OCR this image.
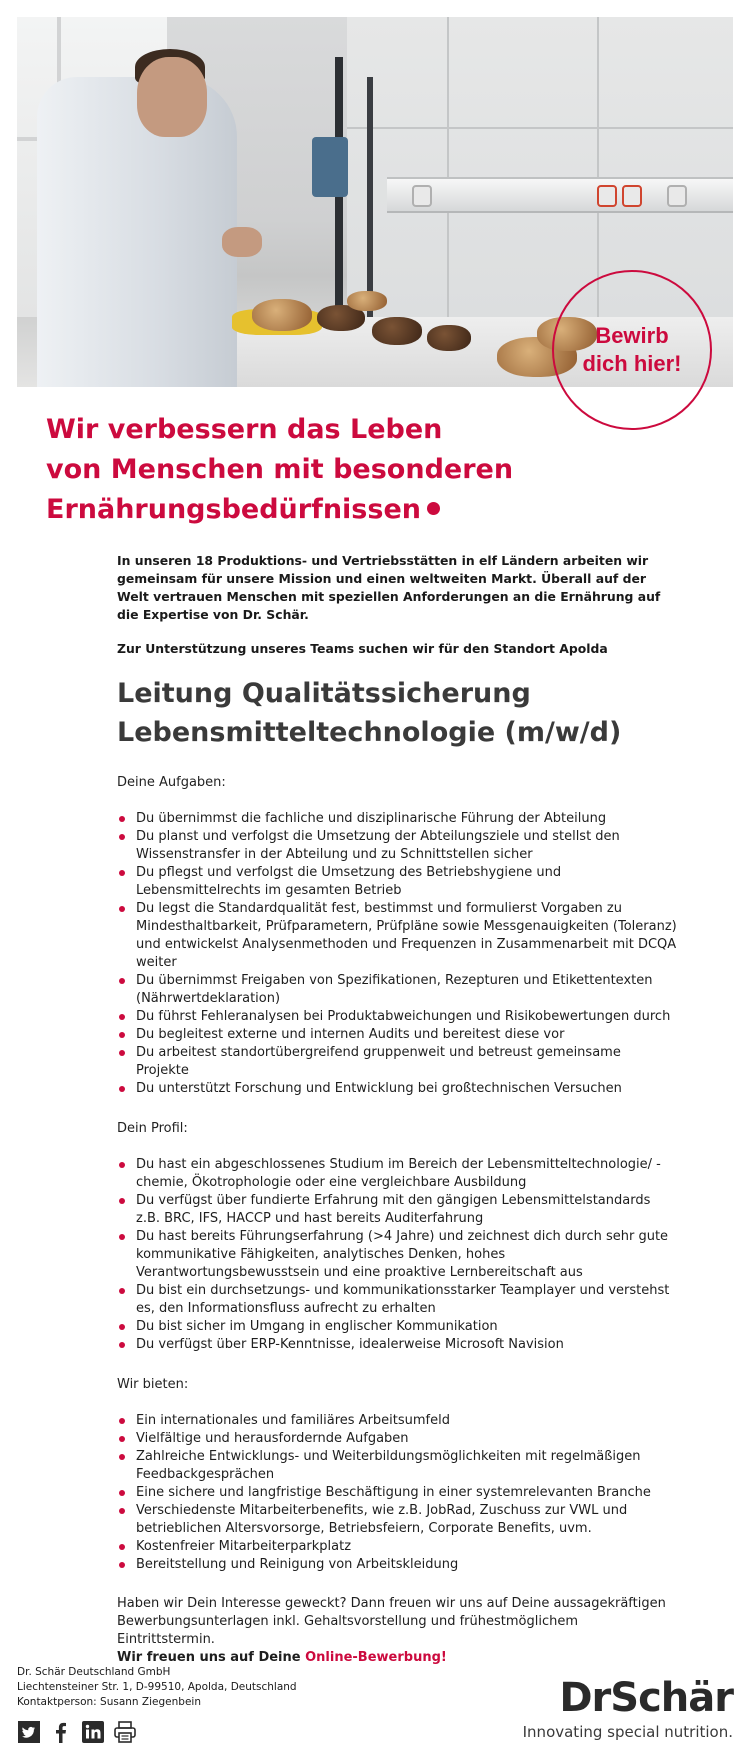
Bewirb dich hier!
Wir verbessern das Leben
von Menschen mit besonderen
Ernährungsbedürfnissen

In unseren 18 Produktions- und Vertriebsstätten in elf Ländern arbeiten wir gemeinsam für unsere Mission und einen weltweiten Markt. Überall auf der Welt vertrauen Menschen mit speziellen Anforderungen an die Ernährung auf die Expertise von Dr. Schär.

Zur Unterstützung unseres Teams suchen wir für den Standort Apolda

Leitung Qualitätssicherung
Lebensmitteltechnologie (m/w/d)

Deine Aufgaben:

Du übernimmst die fachliche und disziplinarische Führung der Abteilung
Du planst und verfolgst die Umsetzung der Abteilungsziele und stellst den Wissenstransfer in der Abteilung und zu Schnittstellen sicher
Du pflegst und verfolgst die Umsetzung des Betriebshygiene und Lebensmittelrechts im gesamten Betrieb
Du legst die Standardqualität fest, bestimmst und formulierst Vorgaben zu Mindesthaltbarkeit, Prüfparametern, Prüfpläne sowie Messgenauigkeiten (Toleranz) und entwickelst Analysenmethoden und Frequenzen in Zusammenarbeit mit DCQA weiter
Du übernimmst Freigaben von Spezifikationen, Rezepturen und Etikettentexten (Nährwertdeklaration)
Du führst Fehleranalysen bei Produktabweichungen und Risikobewertungen durch
Du begleitest externe und internen Audits und bereitest diese vor
Du arbeitest standortübergreifend gruppenweit und betreust gemeinsame Projekte
Du unterstützt Forschung und Entwicklung bei großtechnischen Versuchen

Dein Profil:

Du hast ein abgeschlossenes Studium im Bereich der Lebensmitteltechnologie/ -chemie, Ökotrophologie oder eine vergleichbare Ausbildung
Du verfügst über fundierte Erfahrung mit den gängigen Lebensmittelstandards z.B. BRC, IFS, HACCP und hast bereits Auditerfahrung
Du hast bereits Führungserfahrung (>4 Jahre) und zeichnest dich durch sehr gute kommunikative Fähigkeiten, analytisches Denken, hohes Verantwortungsbewusstsein und eine proaktive Lernbereitschaft aus
Du bist ein durchsetzungs- und kommunikationsstarker Teamplayer und verstehst es, den Informationsfluss aufrecht zu erhalten
Du bist sicher im Umgang in englischer Kommunikation
Du verfügst über ERP-Kenntnisse, idealerweise Microsoft Navision

Wir bieten:

Ein internationales und familiäres Arbeitsumfeld
Vielfältige und herausfordernde Aufgaben
Zahlreiche Entwicklungs- und Weiterbildungsmöglichkeiten mit regelmäßigen Feedbackgesprächen
Eine sichere und langfristige Beschäftigung in einer systemrelevanten Branche
Verschiedenste Mitarbeiterbenefits, wie z.B. JobRad, Zuschuss zur VWL und betrieblichen Altersvorsorge, Betriebsfeiern, Corporate Benefits, uvm.
Kostenfreier Mitarbeiterparkplatz
Bereitstellung und Reinigung von Arbeitskleidung

Haben wir Dein Interesse geweckt? Dann freuen wir uns auf Deine aussagekräftigen Bewerbungsunterlagen inkl. Gehaltsvorstellung und frühestmöglichem Eintrittstermin.

Wir freuen uns auf Deine Online-Bewerbung!

Dr. Schär Deutschland GmbH
Liechtensteiner Str. 1, D-99510, Apolda, Deutschland
Kontaktperson: Susann Ziegenbein	DrSchär
Innovating special nutrition.
